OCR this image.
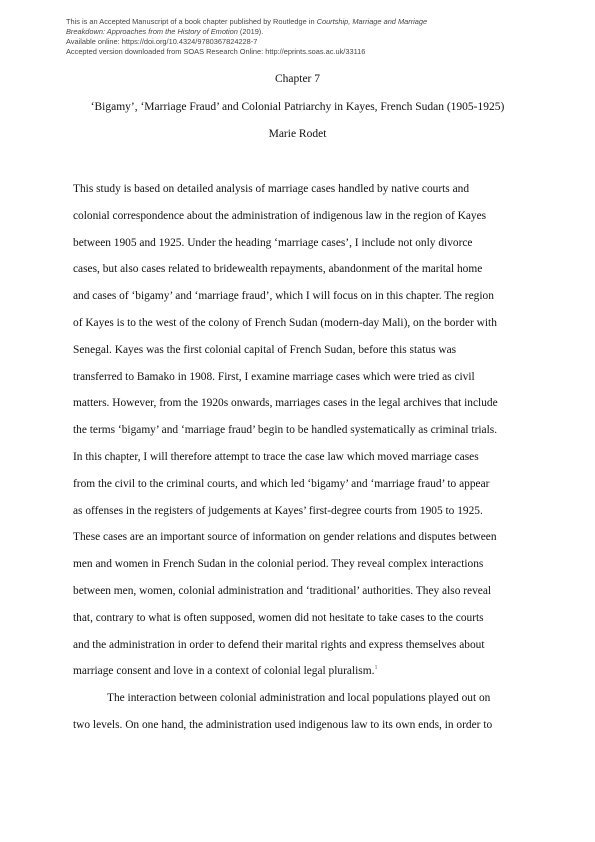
This is an Accepted Manuscript of a book chapter published by Routledge in Courtship, Marriage and Marriage
Breakdown: Approaches from the History of Emotion (2019).
Available online: https://doi.org/10.4324/9780367824228-7
Accepted version downloaded from SOAS Research Online: http://eprints.soas.ac.uk/33116
Chapter 7
‘Bigamy’, ‘Marriage Fraud’ and Colonial Patriarchy in Kayes, French Sudan (1905-1925)
Marie Rodet
This study is based on detailed analysis of marriage cases handled by native courts and
colonial correspondence about the administration of indigenous law in the region of Kayes
between 1905 and 1925. Under the heading ‘marriage cases’, I include not only divorce
cases, but also cases related to bridewealth repayments, abandonment of the marital home
and cases of ‘bigamy’ and ‘marriage fraud’, which I will focus on in this chapter. The region
of Kayes is to the west of the colony of French Sudan (modern-day Mali), on the border with
Senegal. Kayes was the first colonial capital of French Sudan, before this status was
transferred to Bamako in 1908. First, I examine marriage cases which were tried as civil
matters. However, from the 1920s onwards, marriages cases in the legal archives that include
the terms ‘bigamy’ and ‘marriage fraud’ begin to be handled systematically as criminal trials.
In this chapter, I will therefore attempt to trace the case law which moved marriage cases
from the civil to the criminal courts, and which led ‘bigamy’ and ‘marriage fraud’ to appear
as offenses in the registers of judgements at Kayes’ first-degree courts from 1905 to 1925.
These cases are an important source of information on gender relations and disputes between
men and women in French Sudan in the colonial period. They reveal complex interactions
between men, women, colonial administration and ‘traditional’ authorities. They also reveal
that, contrary to what is often supposed, women did not hesitate to take cases to the courts
and the administration in order to defend their marital rights and express themselves about
marriage consent and love in a context of colonial legal pluralism.$^1$
The interaction between colonial administration and local populations played out on
two levels. On one hand, the administration used indigenous law to its own ends, in order to
